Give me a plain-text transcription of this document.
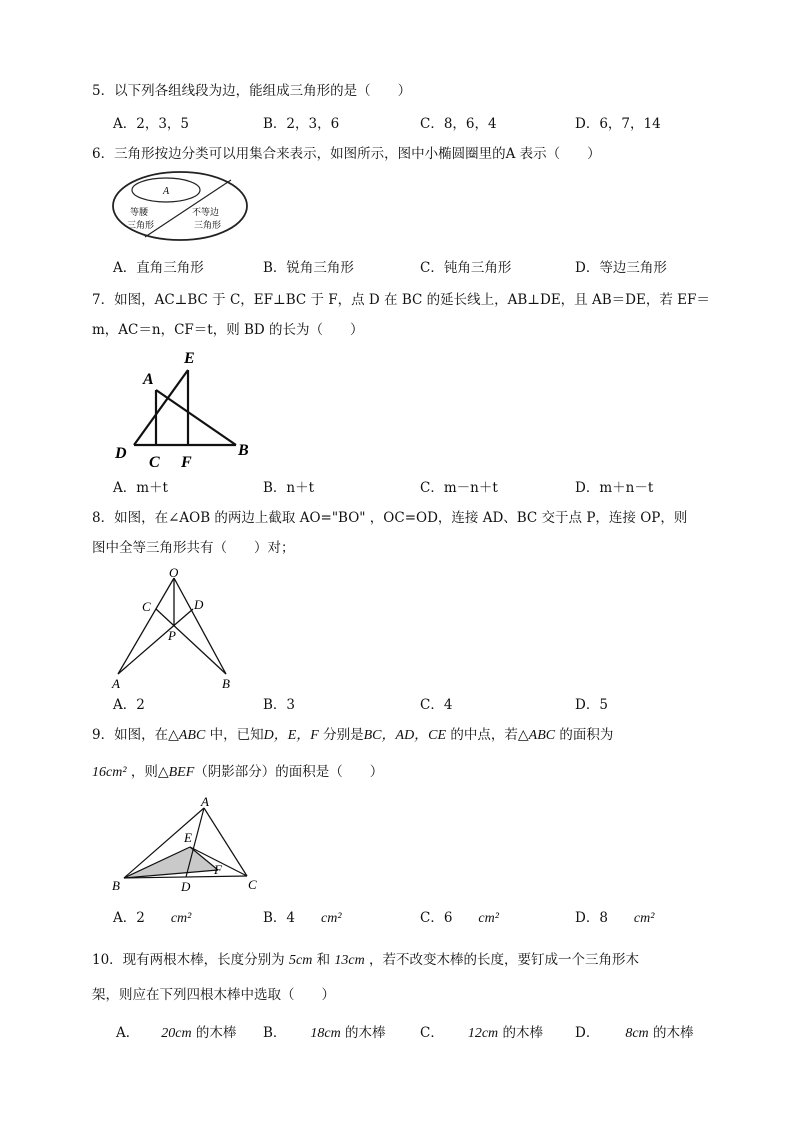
5．以下列各组线段为边，能组成三角形的是（　　）
A．2，3，5	B．2，3，6	C．8，6，4	D．6，7，14
6．三角形按边分类可以用集合来表示，如图所示，图中小椭圆圈里的A 表示（　　）
A
等腰
三角形
不等边
三角形
A．直角三角形	B．锐角三角形	C．钝角三角形	D．等边三角形
7．如图，AC⊥BC 于 C，EF⊥BC 于 F，点 D 在 BC 的延长线上，AB⊥DE，且 AB＝DE，若 EF＝
m，AC＝n，CF＝t，则 BD 的长为（　　）
A
E
D
C F
B
A．m＋t	B．n＋t	C．m－n＋t	D．m＋n－t
8．如图，在∠AOB 的两边上截取 AO="BO" ，OC=OD，连接 AD、BC 交于点 P，连接 OP，则
图中全等三角形共有（　　）对；
O
C	D
P
A	B
A．2	B．3	C．4	D．5
9．如图，在△ABC 中，已知D，E，F 分别是BC，AD，CE 的中点，若△ABC 的面积为
16cm² ，则△BEF（阴影部分）的面积是（　　）
A
E
F
B	D	C
A．2 cm²	B．4 cm²	C．6 cm²	D．8 cm²
10．现有两根木棒，长度分别为 5cm 和 13cm ，若不改变木棒的长度，要钉成一个三角形木
架，则应在下列四根木棒中选取（　　）
A． 20cm 的木棒 B． 18cm 的木棒	C． 12cm 的木棒 D． 8cm 的木棒
